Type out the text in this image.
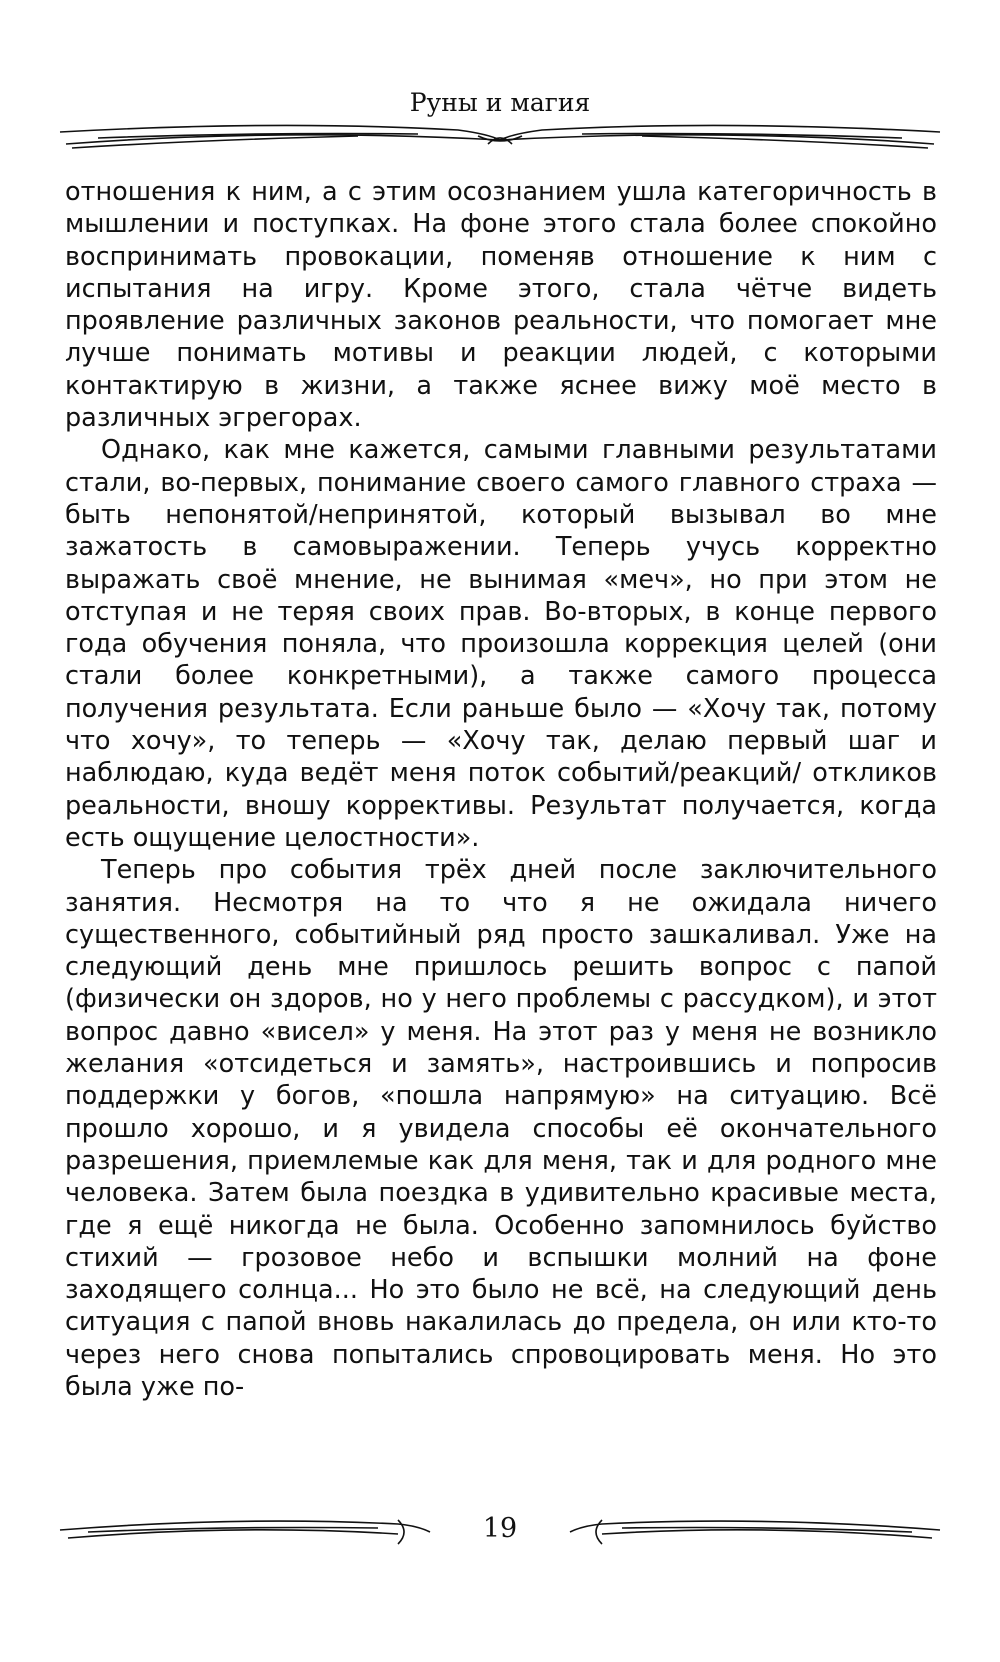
Руны и магия

отношения к ним, а с этим осознанием ушла категоричность в мышлении и поступках. На фоне этого стала более спокойно воспринимать провокации, поменяв отношение к ним с испытания на игру. Кроме этого, стала чётче видеть проявление различных законов реальности, что помогает мне лучше понимать мотивы и реакции людей, с которыми контактирую в жизни, а также яснее вижу моё место в различных эгрегорах.

Однако, как мне кажется, самыми главными результатами стали, во-первых, понимание своего самого главного страха — быть непонятой/непринятой, который вызывал во мне зажатость в самовыражении. Теперь учусь корректно выражать своё мнение, не вынимая «меч», но при этом не отступая и не теряя своих прав. Во-вторых, в конце первого года обучения поняла, что произошла коррекция целей (они стали более конкретными), а также самого процесса получения результата. Если раньше было — «Хочу так, потому что хочу», то теперь — «Хочу так, делаю первый шаг и наблюдаю, куда ведёт меня поток событий/реакций/ откликов реальности, вношу коррективы. Результат получается, когда есть ощущение целостности».

Теперь про события трёх дней после заключительного занятия. Несмотря на то что я не ожидала ничего существенного, событийный ряд просто зашкаливал. Уже на следующий день мне пришлось решить вопрос с папой (физически он здоров, но у него проблемы с рассудком), и этот вопрос давно «висел» у меня. На этот раз у меня не возникло желания «отсидеться и замять», настроившись и попросив поддержки у богов, «пошла напрямую» на ситуацию. Всё прошло хорошо, и я увидела способы её окончательного разрешения, приемлемые как для меня, так и для родного мне человека. Затем была поездка в удивительно красивые места, где я ещё никогда не была. Особенно запомнилось буйство стихий — грозовое небо и вспышки молний на фоне заходящего солнца... Но это было не всё, на следующий день ситуация с папой вновь накалилась до предела, он или кто-то через него снова попытались спровоцировать меня. Но это была уже по-

19
